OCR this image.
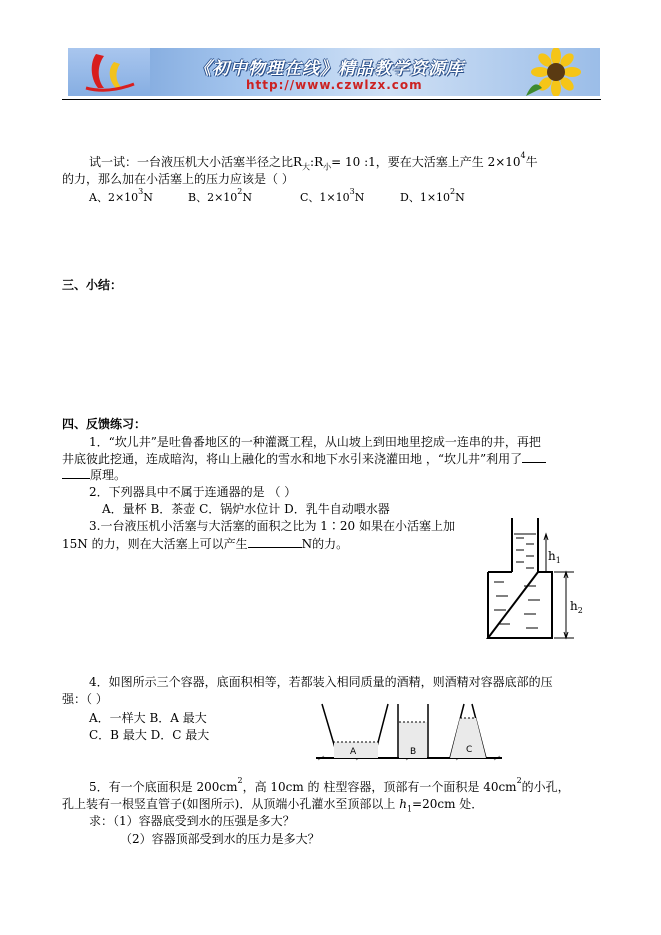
《初中物理在线》精品教学资源库
http://www.czwlzx.com
试一试：一台液压机大小活塞半径之比$R_大:R_小= 10$ :1，要在大活塞上产生 $2\times 10^4$牛
的力，那么加在小活塞上的压力应该是（ ）
A、$2\times 10^3N$	B、$2\times 10^2N$	C、$1\times 10^3N$	D、$1\times 10^2N$
三、小结：
四、反馈练习：
1．“坎儿井”是吐鲁番地区的一种灌溉工程，从山坡上到田地里挖成一连串的井，再把
井底彼此挖通，连成暗沟，将山上融化的雪水和地下水引来浇灌田地 ，“坎儿井”利用了
原理。
2．下列器具中不属于连通器的是 （ ）
A．量杯 B．茶壶 C．锅炉水位计 D．乳牛自动喂水器
3.一台液压机小活塞与大活塞的面积之比为 1∶20 如果在小活塞上加
15N 的力，则在大活塞上可以产生	N的力。
$h_1$
$h_2$
4．如图所示三个容器，底面积相等，若都装入相同质量的酒精，则酒精对容器底部的压
强：（ ）
A．一样大 B．A 最大
C．B 最大 D．C 最大
A	B	C
5．有一个底面积是 $200cm^2$，高 10cm 的 柱型容器，顶部有一个面积是 $40cm^2$的小孔，
孔上装有一根竖直管子(如图所示)．从顶端小孔灌水至顶部以上 $h_1=20cm$ 处．
求：（1）容器底受到水的压强是多大？
（2）容器顶部受到水的压力是多大？
